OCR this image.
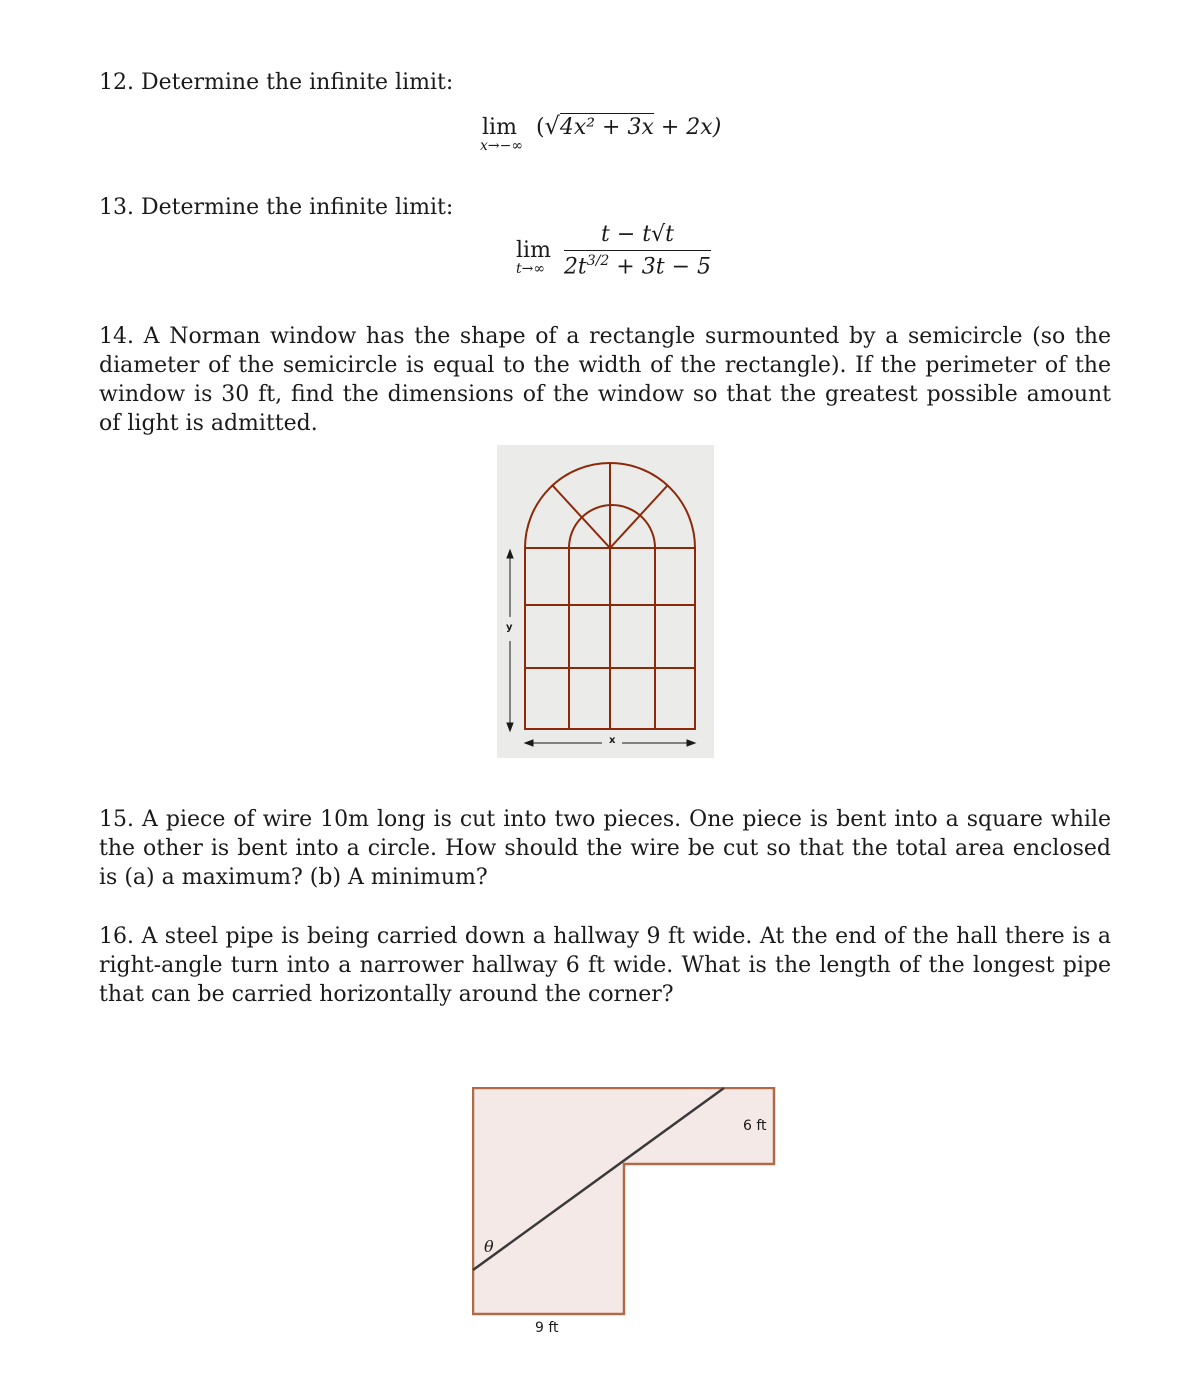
12. Determine the infinite limit:
lim
x→−∞
(√4x² + 3x + 2x)
13. Determine the infinite limit:
lim
t→∞
$\frac{t - t√t}{2t^{3/2} + 3t - 5}$

14. A Norman window has the shape of a rectangle surmounted by a semicircle (so the diameter of the semicircle is equal to the width of the rectangle). If the perimeter of the window is 30 ft, find the dimensions of the window so that the greatest possible amount of light is admitted.

y
x

15. A piece of wire 10m long is cut into two pieces. One piece is bent into a square while the other is bent into a circle. How should the wire be cut so that the total area enclosed is (a) a maximum? (b) A minimum?

16. A steel pipe is being carried down a hallway 9 ft wide. At the end of the hall there is a right-angle turn into a narrower hallway 6 ft wide. What is the length of the longest pipe that can be carried horizontally around the corner?

6 ft
9 ft
θ
